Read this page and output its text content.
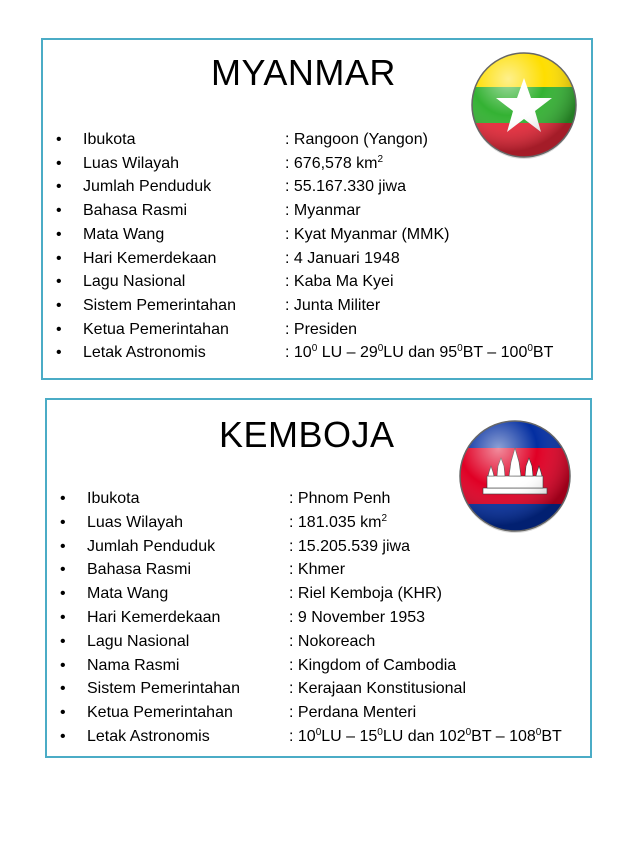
MYANMAR
• Ibukota	: Rangoon (Yangon)
• Luas Wilayah	: 676,578 $km^2$
• Jumlah Penduduk	: 55.167.330 jiwa
• Bahasa Rasmi	: Myanmar
• Mata Wang	: Kyat Myanmar (MMK)
• Hari Kemerdekaan	: 4 Januari 1948
• Lagu Nasional	: Kaba Ma Kyei
• Sistem Pemerintahan	: Junta Militer
• Ketua Pemerintahan	: Presiden
• Letak Astronomis	: $10^0$ LU – $29^0LU$ dan $95^0BT - 100^0BT$
KEMBOJA
• Ibukota	: Phnom Penh
• Luas Wilayah	: 181.035 $km^2$
• Jumlah Penduduk	: 15.205.539 jiwa
• Bahasa Rasmi	: Khmer
• Mata Wang	: Riel Kemboja (KHR)
• Hari Kemerdekaan	: 9 November 1953
• Lagu Nasional	: Nokoreach
• Nama Rasmi	: Kingdom of Cambodia
• Sistem Pemerintahan	: Kerajaan Konstitusional
• Ketua Pemerintahan	: Perdana Menteri
• Letak Astronomis	: $10^0LU - 15^0LU$ dan $102^0BT - 108^0BT$
